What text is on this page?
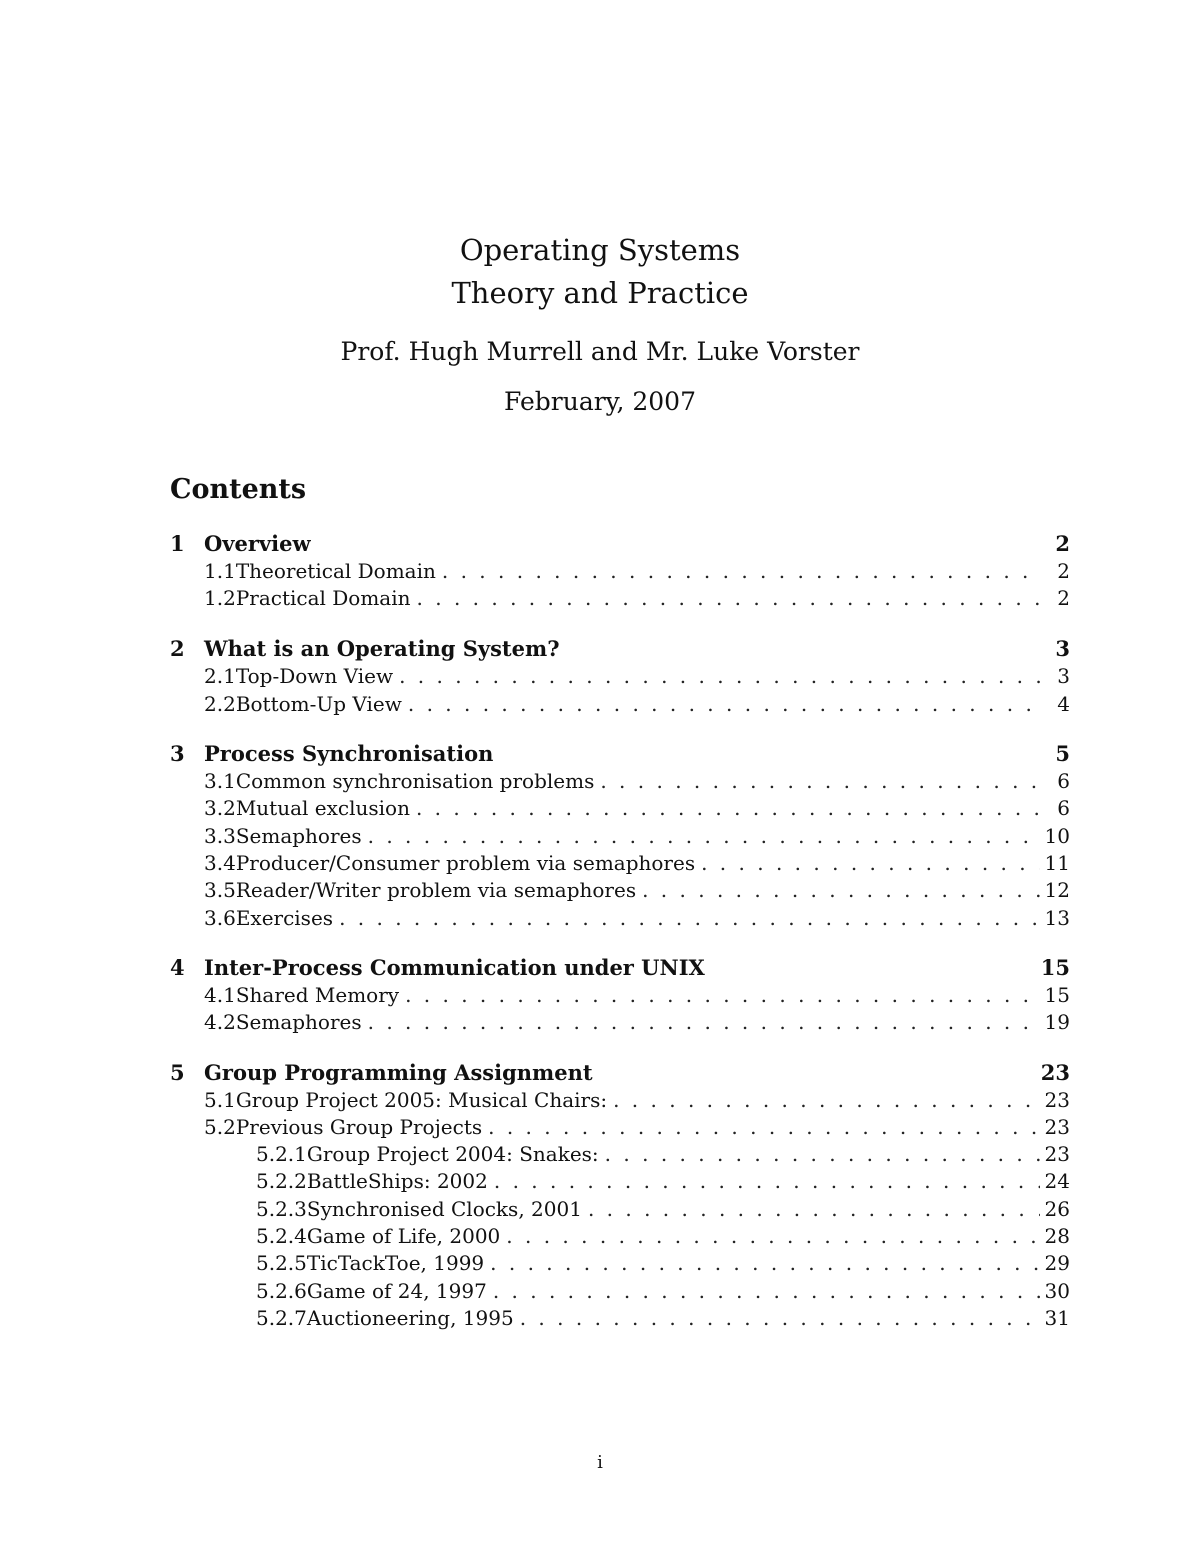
Operating Systems
Theory and Practice
Prof. Hugh Murrell and Mr. Luke Vorster
February, 2007
Contents
1 Overview	2
1.1 Theoretical Domain . . .	2
1.2 Practical Domain . . .	2
2 What is an Operating System?	3
2.1 Top-Down View . . .	3
2.2 Bottom-Up View . . .	4
3 Process Synchronisation	5
3.1 Common synchronisation problems . . .	6
3.2 Mutual exclusion . . .	6
3.3 Semaphores . . .	10
3.4 Producer/Consumer problem via semaphores . . .	11
3.5 Reader/Writer problem via semaphores . . .	12
3.6 Exercises . . .	13
4 Inter-Process Communication under UNIX	15
4.1 Shared Memory . . .	15
4.2 Semaphores . . .	19
5 Group Programming Assignment	23
5.1 Group Project 2005: Musical Chairs: . . .	23
5.2 Previous Group Projects . . .	23
5.2.1 Group Project 2004: Snakes: . . .	23
5.2.2 BattleShips: 2002 . . .	24
5.2.3 Synchronised Clocks, 2001 . . .	26
5.2.4 Game of Life, 2000 . . .	28
5.2.5 TicTackToe, 1999 . . .	29
5.2.6 Game of 24, 1997 . . .	30
5.2.7 Auctioneering, 1995 . . .	31
i
